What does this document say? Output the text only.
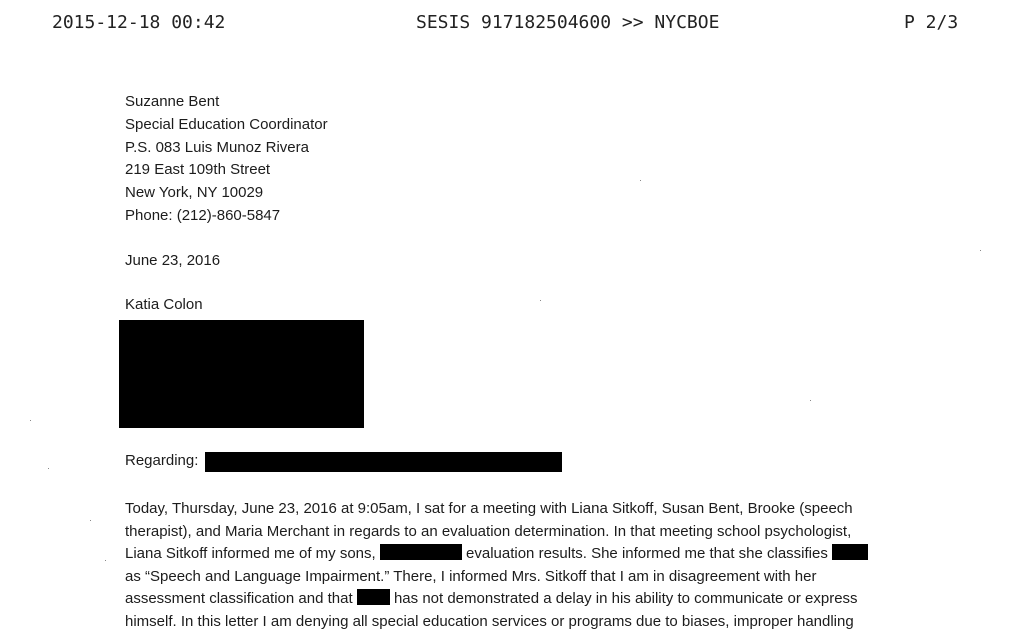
2015-12-18 00:42	SESIS 917182504600 >> NYCBOE	P 2/3
Suzanne Bent
Special Education Coordinator
P.S. 083 Luis Munoz Rivera
219 East 109th Street
New York, NY 10029
Phone: (212)-860-5847
June 23, 2016
Katia Colon
Regarding:
Today, Thursday, June 23, 2016 at 9:05am, I sat for a meeting with Liana Sitkoff, Susan Bent, Brooke (speech
therapist), and Maria Merchant in regards to an evaluation determination. In that meeting school psychologist,
Liana Sitkoff informed me of my sons,	evaluation results. She informed me that she classifies
as “Speech and Language Impairment.” There, I informed Mrs. Sitkoff that I am in disagreement with her
assessment classification and that	has not demonstrated a delay in his ability to communicate or express
himself. In this letter I am denying all special education services or programs due to biases, improper handling
